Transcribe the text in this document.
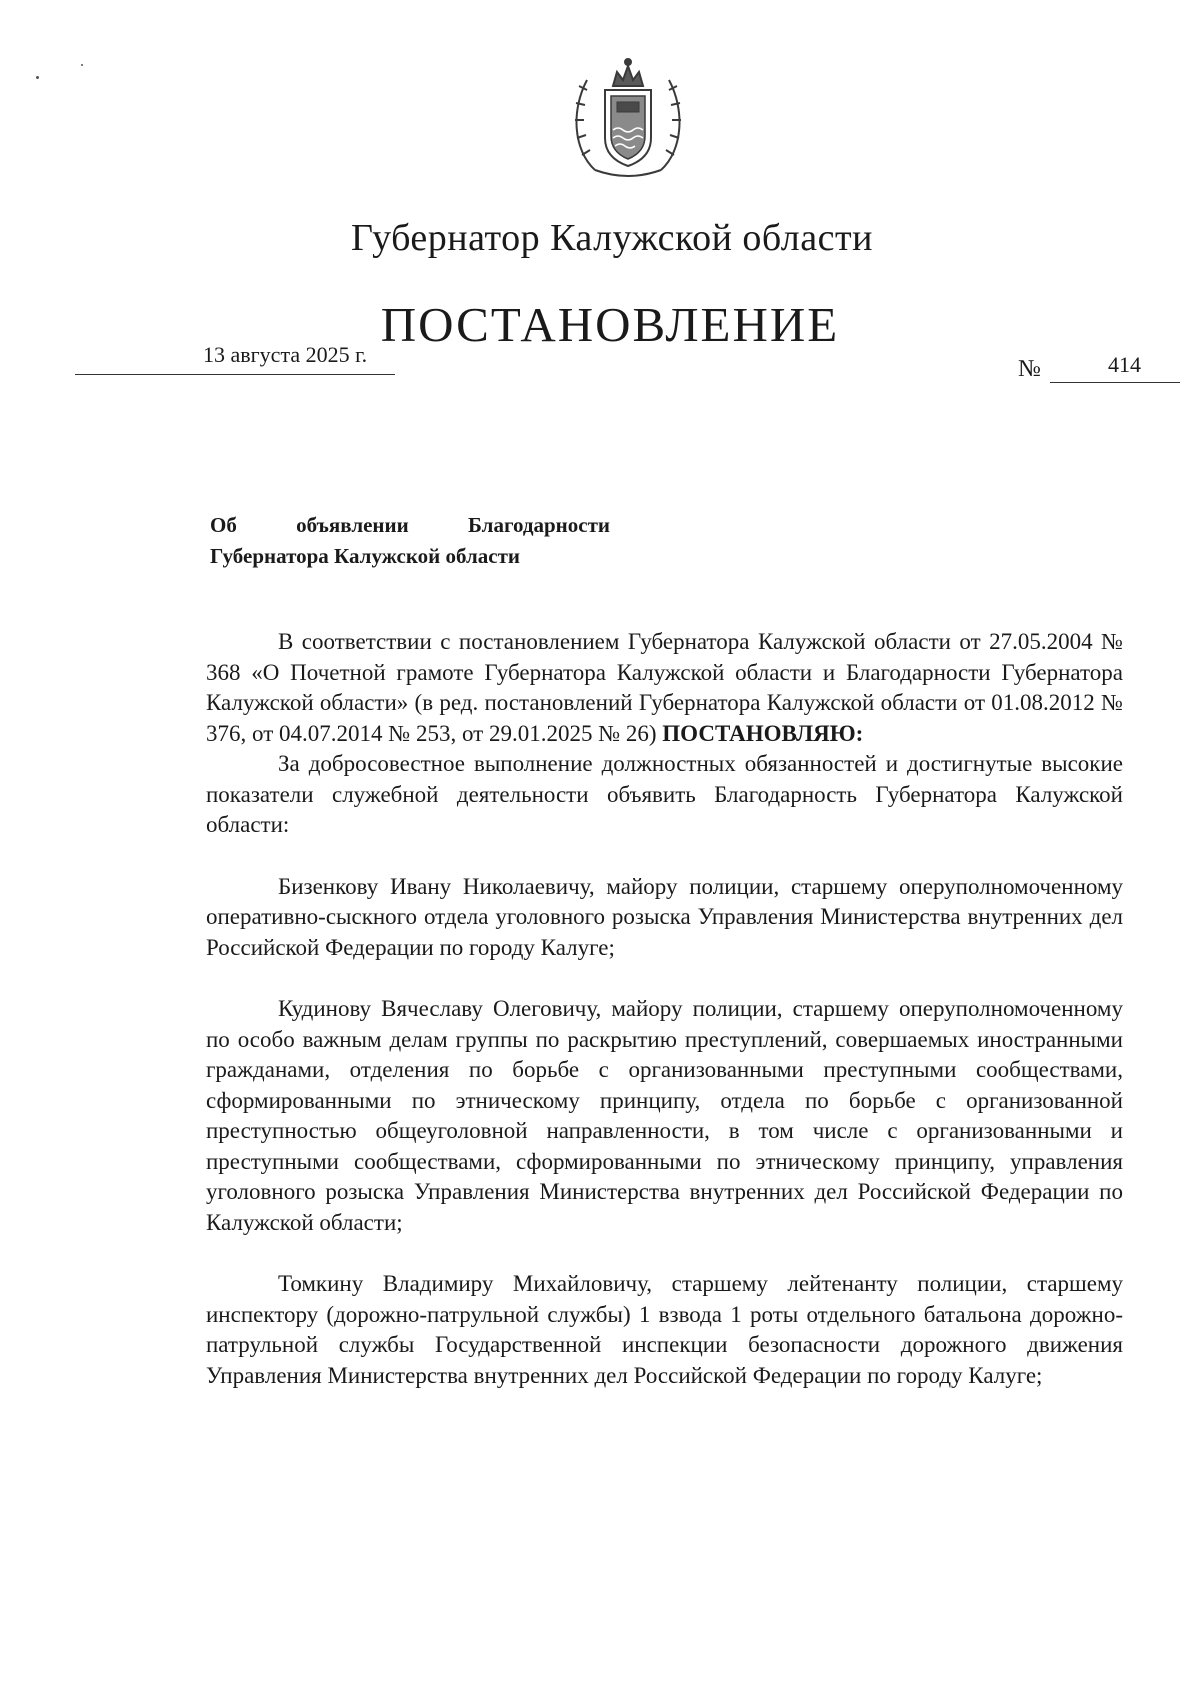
Губернатор Калужской области
ПОСТАНОВЛЕНИЕ
13 августа 2025 г.
№	414
Об объявлении Благодарности
Губернатора Калужской области

В соответствии с постановлением Губернатора Калужской области от 27.05.2004 № 368 «О Почетной грамоте Губернатора Калужской области и Благодарности Губернатора Калужской области» (в ред. постановлений Губернатора Калужской области от 01.08.2012 № 376, от 04.07.2014 № 253, от 29.01.2025 № 26) ПОСТАНОВЛЯЮ:

За добросовестное выполнение должностных обязанностей и достигнутые высокие показатели служебной деятельности объявить Благодарность Губернатора Калужской области:

Бизенкову Ивану Николаевичу, майору полиции, старшему оперуполномоченному оперативно-сыскного отдела уголовного розыска Управления Министерства внутренних дел Российской Федерации по городу Калуге;

Кудинову Вячеславу Олеговичу, майору полиции, старшему оперуполномоченному по особо важным делам группы по раскрытию преступлений, совершаемых иностранными гражданами, отделения по борьбе с организованными преступными сообществами, сформированными по этническому принципу, отдела по борьбе с организованной преступностью общеуголовной направленности, в том числе с организованными и преступными сообществами, сформированными по этническому принципу, управления уголовного розыска Управления Министерства внутренних дел Российской Федерации по Калужской области;

Томкину Владимиру Михайловичу, старшему лейтенанту полиции, старшему инспектору (дорожно-патрульной службы) 1 взвода 1 роты отдельного батальона дорожно-патрульной службы Государственной инспекции безопасности дорожного движения Управления Министерства внутренних дел Российской Федерации по городу Калуге;
